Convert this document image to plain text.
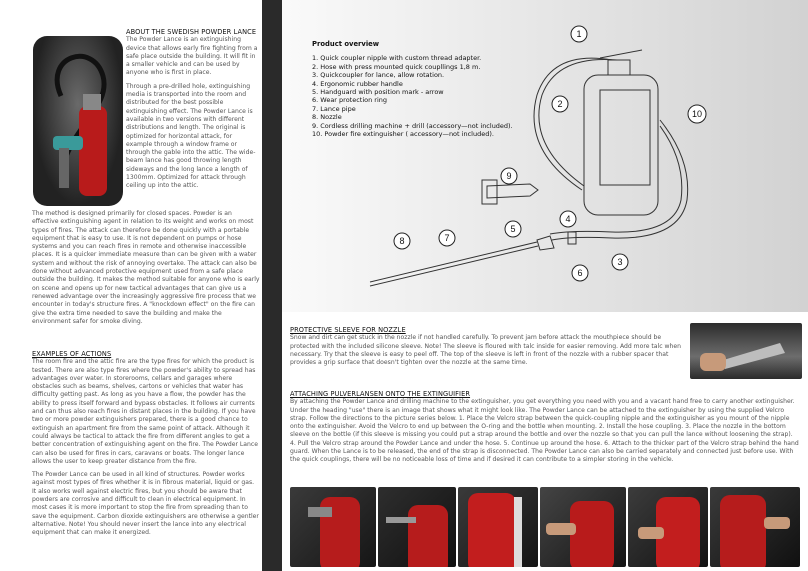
ABOUT THE SWEDISH POWDER LANCE
The Powder Lance is an extinguishing device that allows early fire fighting from a safe place outside the building. It will fit in a smaller vehicle and can be used by anyone who is first in place.
Through a pre-drilled hole, extinguishing media is transported into the room and distributed for the best possible extinguishing effect. The Powder Lance is available in two versions with different distributions and length. The original is optimized for horizontal attack, for example through a window frame or through the gable into the attic. The wide-beam lance has good throwing length sideways and the long lance a length of 1300mm. Optimized for attack through ceiling up into the attic.
The method is designed primarily for closed spaces. Powder is an effective extinguishing agent in relation to its weight and works on most types of fires. The attack can therefore be done quickly with a portable equipment that is easy to use. It is not dependent on pumps or hose systems and you can reach fires in remote and otherwise inaccessible places. It is a quicker immediate measure than can be given with a water system and without the risk of annoying overtake. The attack can also be done without advanced protective equipment used from a safe place outside the building. It makes the method suitable for anyone who is early on scene and opens up for new tactical advantages that can give us a renewed advantage over the increasingly aggressive fire process that we encounter in today's structure fires. A "knockdown effect" on the fire can give the extra time needed to save the building and make the environment safer for smoke diving.
EXAMPLES OF ACTIONS
The room fire and the attic fire are the type fires for which the product is tested. There are also type fires where the powder's ability to spread has advantages over water. In storerooms, cellars and garages where obstacles such as beams, shelves, cartons or vehicles that water has difficulty getting past. As long as you have a flow, the powder has the ability to press itself forward and bypass obstacles. It follows air currents and can thus also reach fires in distant places in the building. If you have two or more powder extinguishers prepared, there is a good chance to extinguish an apartment fire from the same point of attack. Although it could always be tactical to attack the fire from different angles to get a better concentration of extinguishing agent on the fire. The Powder Lance can also be used for fires in cars, caravans or boats. The longer lance allows the user to keep greater distance from the fire.
The Powder Lance can be used in all kind of structures. Powder works against most types of fires whether it is in fibrous material, liquid or gas. It also works well against electric fires, but you should be aware that powders are corrosive and difficult to clean in electrical equipment. In most cases it is more important to stop the fire from spreading than to save the equipment. Carbon dioxide extinguishers are otherwise a gentler alternative. Note! You should never insert the lance into any electrical equipment that can make it energized.
Product overview
1. Quick coupler nipple with custom thread adapter.
2. Hose with press mounted quick coupllings 1,8 m.
3. Quickcoupler for lance, allow rotation.
4. Ergonomic rubber handle
5. Handguard with position mark - arrow
6. Wear protection ring
7. Lance pipe
8. Nozzle
9. Cordless drilling machine + drill (accessory—not included).
10. Powder fire extinguisher ( accessory—not included).
1
2
3
4
5
6
7
8
9
10
PROTECTIVE SLEEVE FOR NOZZLE
Snow and dirt can get stuck in the nozzle if not handled carefully. To prevent jam before attack the mouthpiece should be protected with the included silicone sleeve. Note! The sleeve is floured with talc inside for easier removing. Add more talc when necessary. Try that the sleeve is easy to peel off. The top of the sleeve is left in front of the nozzle with a rubber spacer that provides a grip surface that doesn't tighten over the nozzle at the same time.
ATTACHING PULVERLANSEN ONTO THE EXTINGUIFIER
By attaching the Powder Lance and drilling machine to the extinguisher, you get everything you need with you and a vacant hand free to carry another extinguisher. Under the heading "use" there is an image that shows what it might look like. The Powder Lance can be attached to the extinguisher by using the supplied Velcro strap. Follow the directions to the picture series below. 1. Place the Velcro strap between the quick-coupling nipple and the extinguisher as you mount of the nipple onto the extinguisher. Avoid the Velcro to end up between the O-ring and the bottle when mounting. 2. Install the hose coupling. 3. Place the nozzle in the bottom sleeve on the bottle (if this sleeve is missing you could put a strap around the bottle and over the nozzle so that you can pull the lance without loosening the strap). 4. Pull the Velcro strap around the Powder Lance and under the hose. 5. Continue up around the hose. 6. Attach to the thicker part of the Velcro strap behind the hand guard. When the Lance is to be released, the end of the strap is disconnected. The Powder Lance can also be carried separately and connected just before use. With the quick couplings, there will be no noticeable loss of time and if desired it can contribute to a simpler storing in the vehicle.
